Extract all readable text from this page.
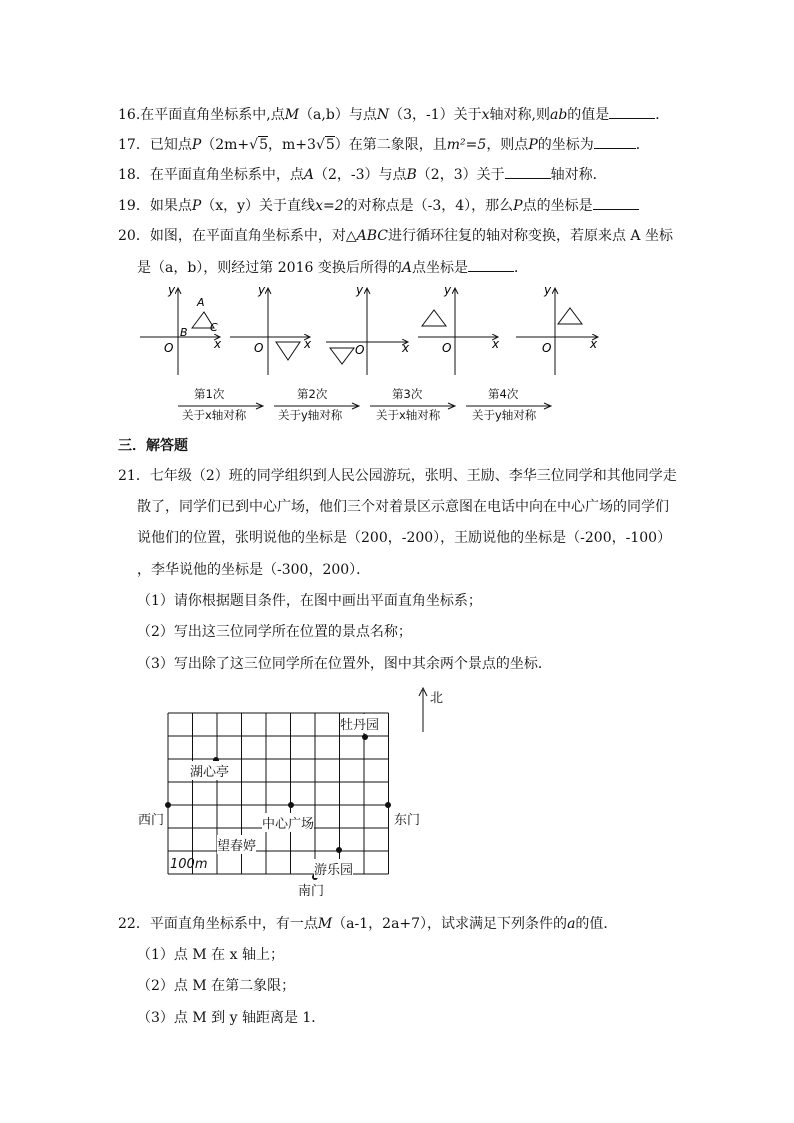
16.在平面直角坐标系中,点M（a,b）与点N（3，-1）关于x轴对称,则ab的值是	．
17．已知点P（2m+√5，m+3√5）在第二象限，且m²=5，则点P的坐标为	．
18．在平面直角坐标系中，点A（2，-3）与点B（2，3）关于	轴对称．
19．如果点P（x，y）关于直线x=2的对称点是（-3，4），那么P点的坐标是
20．如图，在平面直角坐标系中，对△ABC进行循环往复的轴对称变换，若原来点 A 坐标
是（a，b），则经过第 2016 变换后所得的A点坐标是	．
y
x
O
A
B C
y
x
O
y
x
O
y
x
O
y
x
O
第1次
关于x轴对称
第2次
关于y轴对称
第3次
关于x轴对称
第4次
关于y轴对称
三．解答题
21．七年级（2）班的同学组织到人民公园游玩，张明、王励、李华三位同学和其他同学走
散了，同学们已到中心广场，他们三个对着景区示意图在电话中向在中心广场的同学们
说他们的位置，张明说他的坐标是（200，-200），王励说他的坐标是（-200，-100）
，李华说他的坐标是（-300，200）．
（1）请你根据题目条件，在图中画出平面直角坐标系；
（2）写出这三位同学所在位置的景点名称；
（3）写出除了这三位同学所在位置外，图中其余两个景点的坐标．
北
牡丹园
湖心亭
西门	中心广场	东门
望春婷
游乐园
南门
100m
22．平面直角坐标系中，有一点M（a-1，2a+7），试求满足下列条件的a的值．
（1）点 M 在 x 轴上；
（2）点 M 在第二象限；
（3）点 M 到 y 轴距离是 1．
